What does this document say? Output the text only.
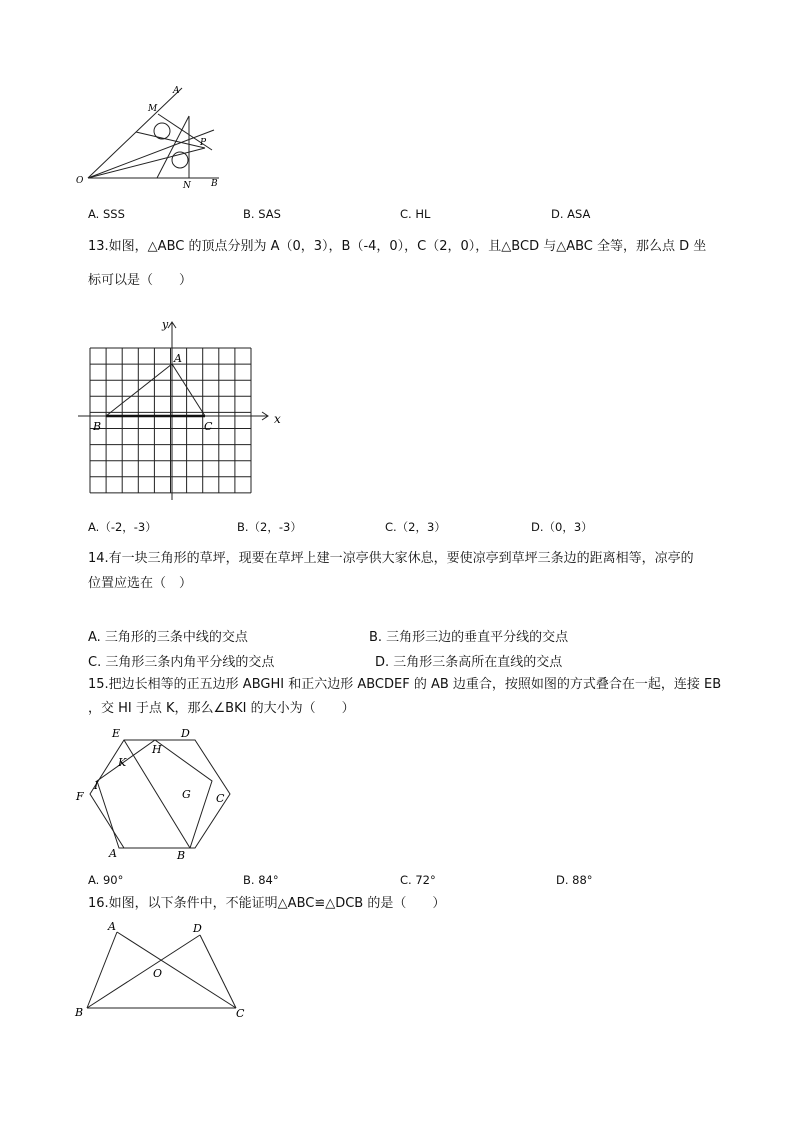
A
M
P
O	N B
A. SSS	B. SAS	C. HL	D. ASA
13.如图，△ABC 的顶点分别为 A（0，3），B（-4，0），C（2，0），且△BCD 与△ABC 全等，那么点 D 坐
标可以是（　　）
y
x
A
B	C
A.（-2，-3）	B.（2，-3）	C.（2，3）	D.（0，3）
14.有一块三角形的草坪，现要在草坪上建一凉亭供大家休息，要使凉亭到草坪三条边的距离相等，凉亭的
位置应选在（　）
A. 三角形的三条中线的交点	B. 三角形三边的垂直平分线的交点
C. 三角形三条内角平分线的交点	D. 三角形三条高所在直线的交点
15.把边长相等的正五边形 ABGHI 和正六边形 ABCDEF 的 AB 边重合，按照如图的方式叠合在一起，连接 EB
，交 HI 于点 K，那么∠BKI 的大小为（　　）
E	D
H
K
I
F	G C
A	B
A. 90°	B. 84°	C. 72°	D. 88°
16.如图，以下条件中，不能证明△ABC≌△DCB 的是（　　）
A	D
O
B	C
